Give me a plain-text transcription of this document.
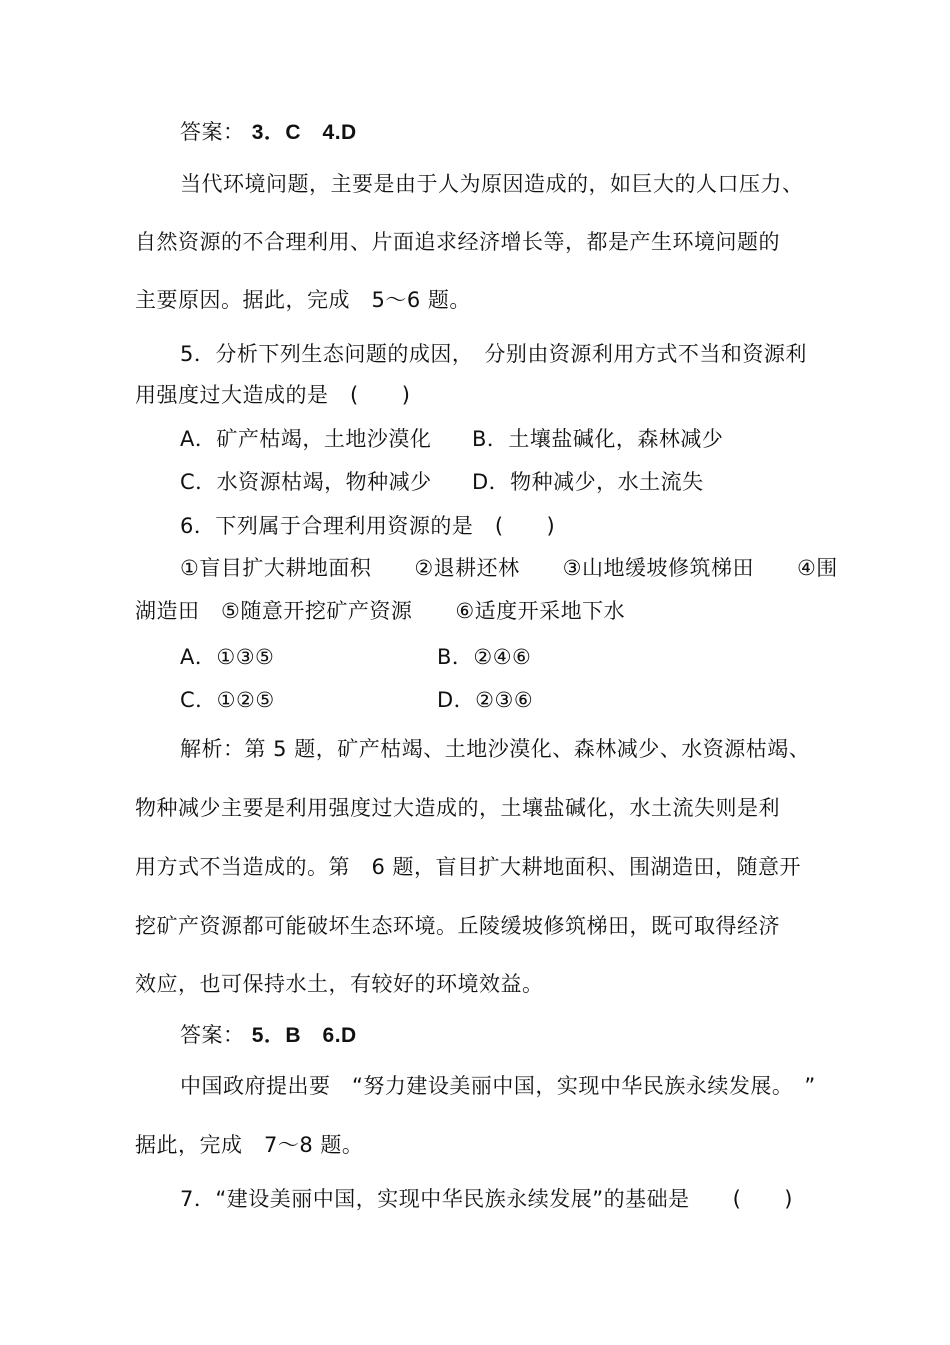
答案： 3．C　4.D
当代环境问题，主要是由于人为原因造成的，如巨大的人口压力、
自然资源的不合理利用、片面追求经济增长等，都是产生环境问题的
主要原因。据此，完成　5～6 题。
5．分析下列生态问题的成因，　分别由资源利用方式不当和资源利
用强度过大造成的是　(　　)
A．矿产枯竭，土地沙漠化 B．土壤盐碱化，森林减少
C．水资源枯竭，物种减少 D．物种减少，水土流失
6．下列属于合理利用资源的是　(　　)
①盲目扩大耕地面积　　②退耕还林　　③山地缓坡修筑梯田　　④围
湖造田　⑤随意开挖矿产资源　　⑥适度开采地下水
A．①③⑤	B．②④⑥
C．①②⑤	D．②③⑥
解析：第 5 题，矿产枯竭、土地沙漠化、森林减少、水资源枯竭、
物种减少主要是利用强度过大造成的，土壤盐碱化，水土流失则是利
用方式不当造成的。第　6 题，盲目扩大耕地面积、围湖造田，随意开
挖矿产资源都可能破坏生态环境。丘陵缓坡修筑梯田，既可取得经济
效应，也可保持水土，有较好的环境效益。
答案： 5．B　6.D
中国政府提出要　“努力建设美丽中国，实现中华民族永续发展。　”
据此，完成　7～8 题。
7．“建设美丽中国，实现中华民族永续发展”的基础是　　(　　)
